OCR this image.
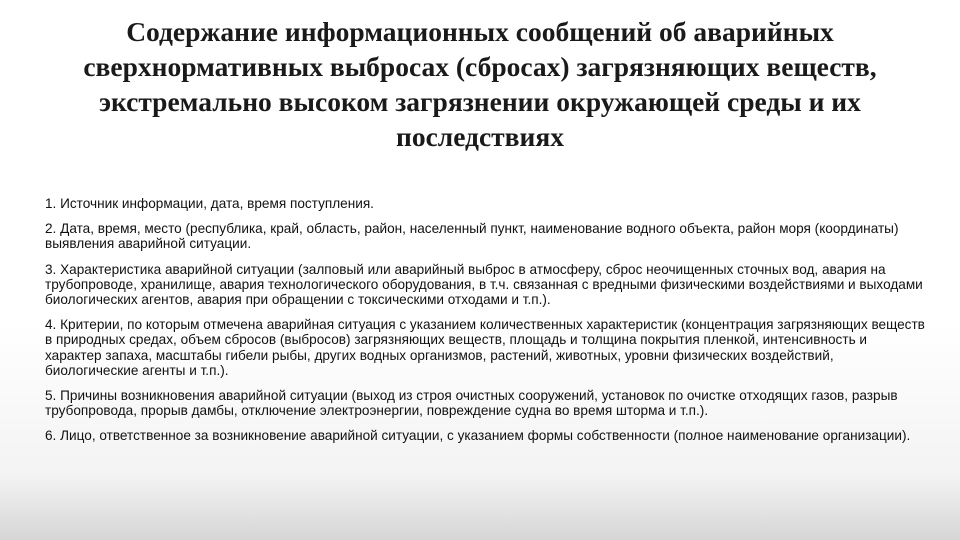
Содержание информационных сообщений об аварийных сверхнормативных выбросах (сбросах) загрязняющих веществ, экстремально высоком загрязнении окружающей среды и их последствиях
1. Источник информации, дата, время поступления.
2. Дата, время, место (республика, край, область, район, населенный пункт, наименование водного объекта, район моря (координаты) выявления аварийной ситуации.
3. Характеристика аварийной ситуации (залповый или аварийный выброс в атмосферу, сброс неочищенных сточных вод, авария на трубопроводе, хранилище, авария технологического оборудования, в т.ч. связанная с вредными физическими воздействиями и выходами биологических агентов, авария при обращении с токсическими отходами и т.п.).
4. Критерии, по которым отмечена аварийная ситуация с указанием количественных характеристик (концентрация загрязняющих веществ в природных средах, объем сбросов (выбросов) загрязняющих веществ, площадь и толщина покрытия пленкой, интенсивность и характер запаха, масштабы гибели рыбы, других водных организмов, растений, животных, уровни физических воздействий, биологические агенты и т.п.).
5. Причины возникновения аварийной ситуации (выход из строя очистных сооружений, установок по очистке отходящих газов, разрыв трубопровода, прорыв дамбы, отключение электроэнергии, повреждение судна во время шторма и т.п.).
6. Лицо, ответственное за возникновение аварийной ситуации, с указанием формы собственности (полное наименование организации).
